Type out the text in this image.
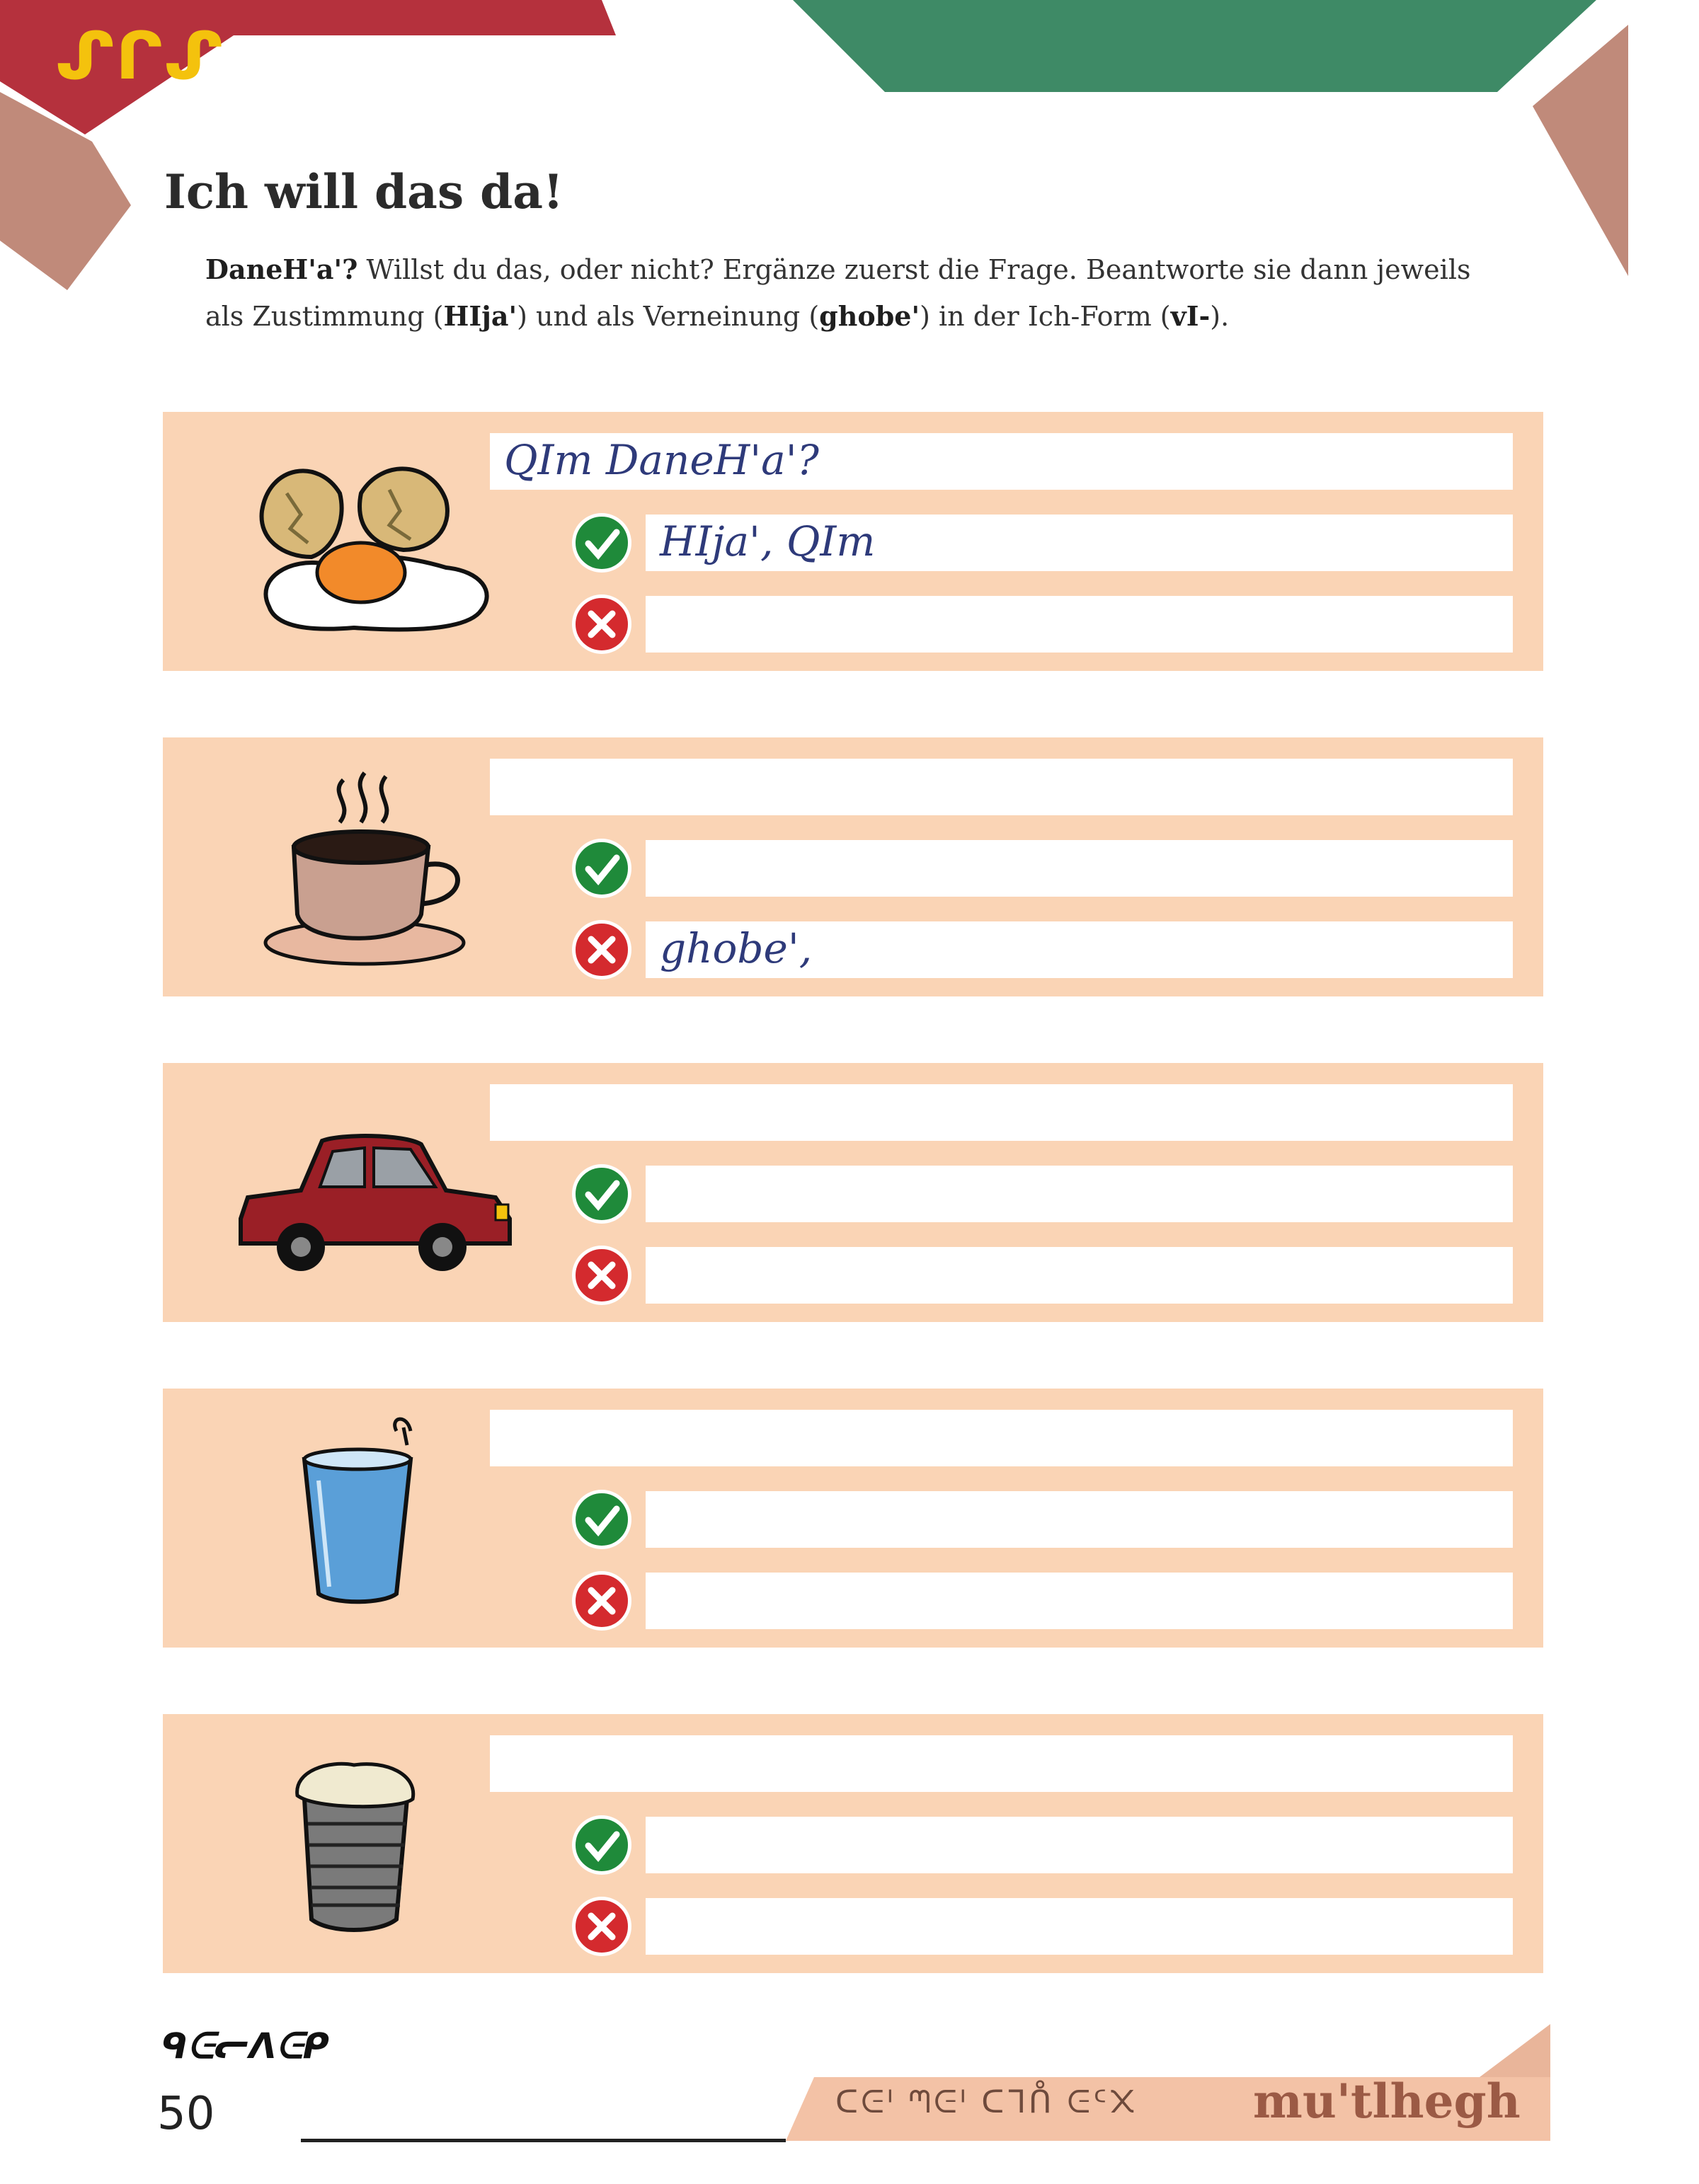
ᔑᒋᔑ
Ich will das da!
DaneH'a'? Willst du das, oder nicht? Ergänze zuerst die Frage. Beantworte sie dann jeweils als Zustimmung (HIja') und als Verneinung (ghobe') in der Ich-Form (vI-).
QIm DaneH'a'?
HIja', QIm
ghobe',
ᑫᕮᓕᐱᕮᑭ
50	ᑕᕮᑊ ᘉᕮᑊ ᑕᒣᑍ ᕮᑦ᙭ mu'tlhegh
